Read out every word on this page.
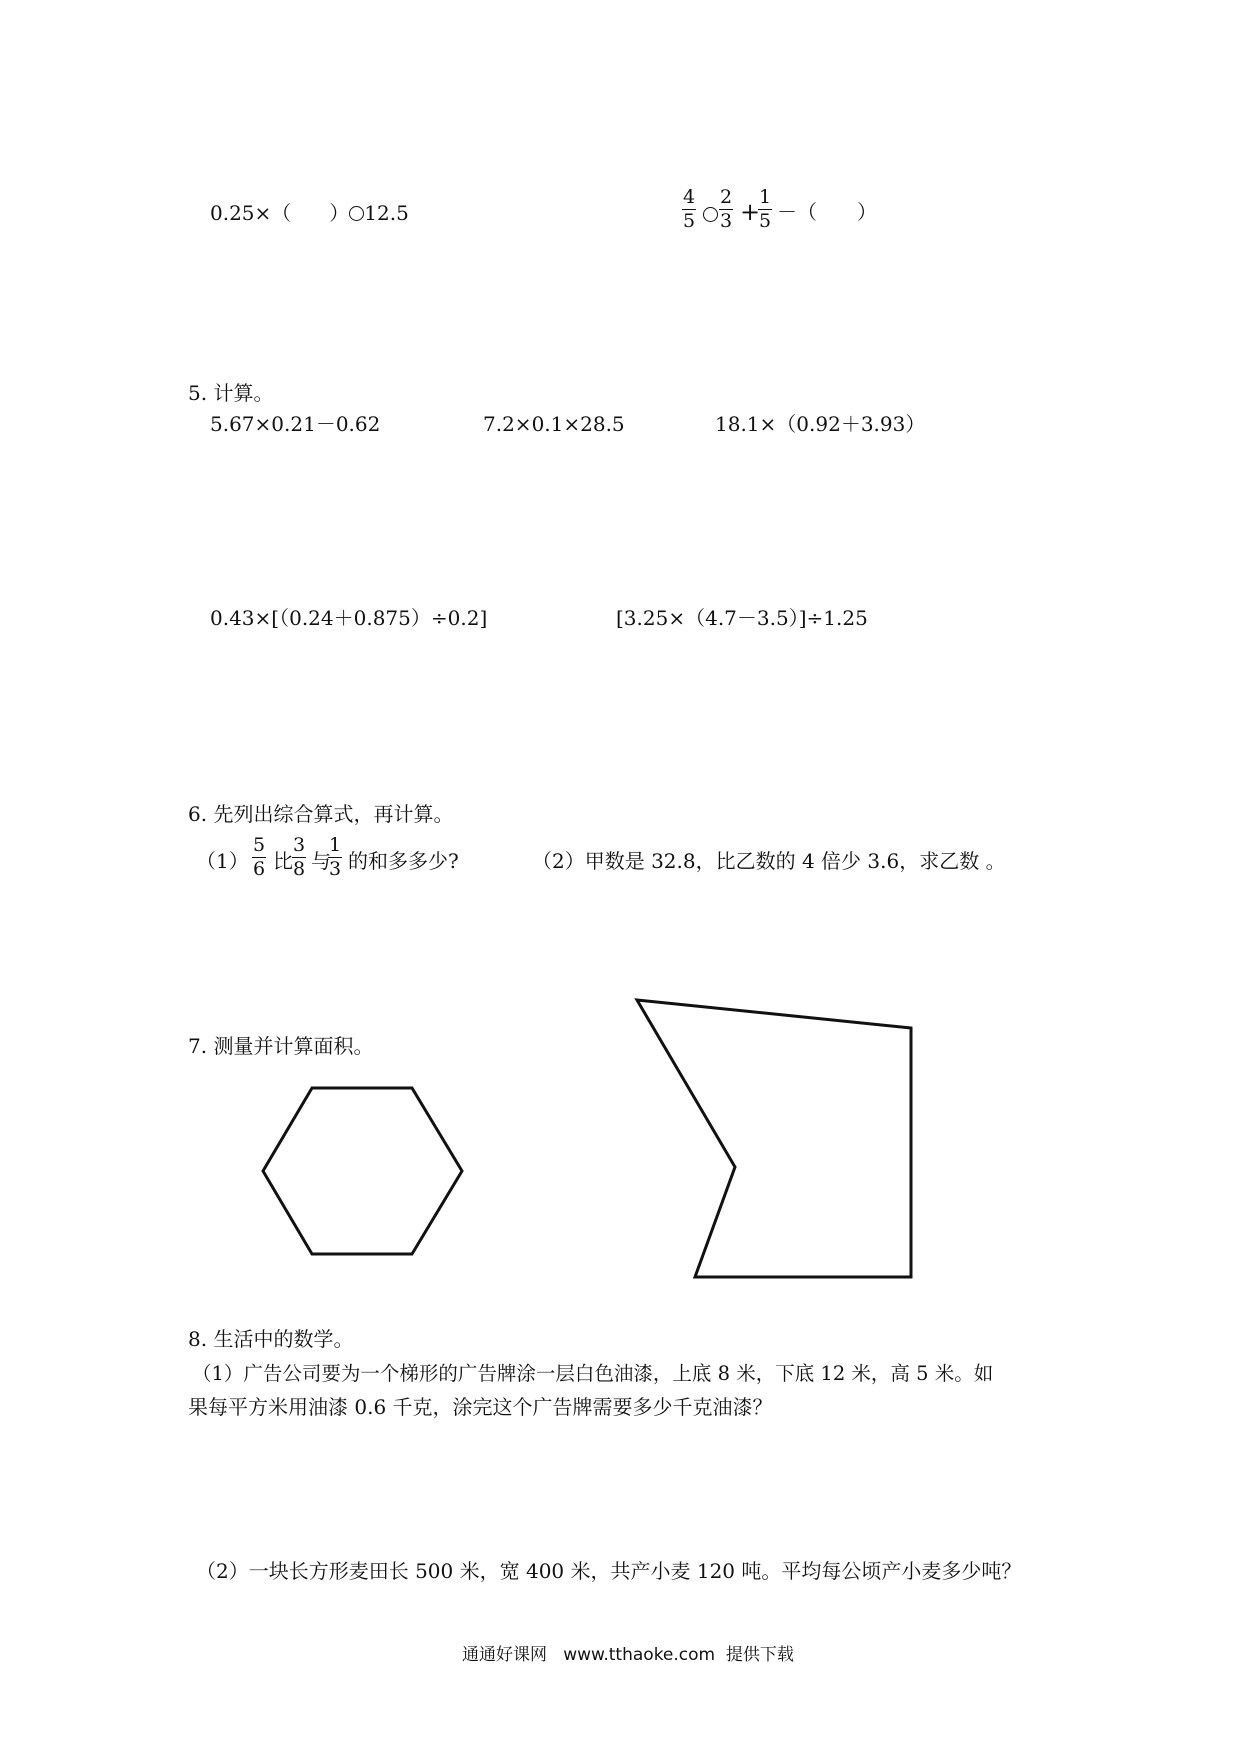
0.25×（ ） 12.5
4
5
2
3 +
1
5 －（　　）
5. 计算。
5.67×0.21－0.62	7.2×0.1×28.5	18.1×（0.92＋3.93）
0.43×[（0.24＋0.875）÷0.2]	[3.25×（4.7－3.5）]÷1.25
6. 先列出综合算式，再计算。
（1）
5
6 比
3
8 与
1
3 的和多多少?	（2）甲数是 32.8，比乙数的 4 倍少 3.6，求乙数 。
7. 测量并计算面积。
8. 生活中的数学。
（1）广告公司要为一个梯形的广告牌涂一层白色油漆，上底 8 米，下底 12 米，高 5 米。如
果每平方米用油漆 0.6 千克，涂完这个广告牌需要多少千克油漆？
（2）一块长方形麦田长 500 米，宽 400 米，共产小麦 120 吨。平均每公顷产小麦多少吨？
通通好课网   www.tthaoke.com  提供下载
